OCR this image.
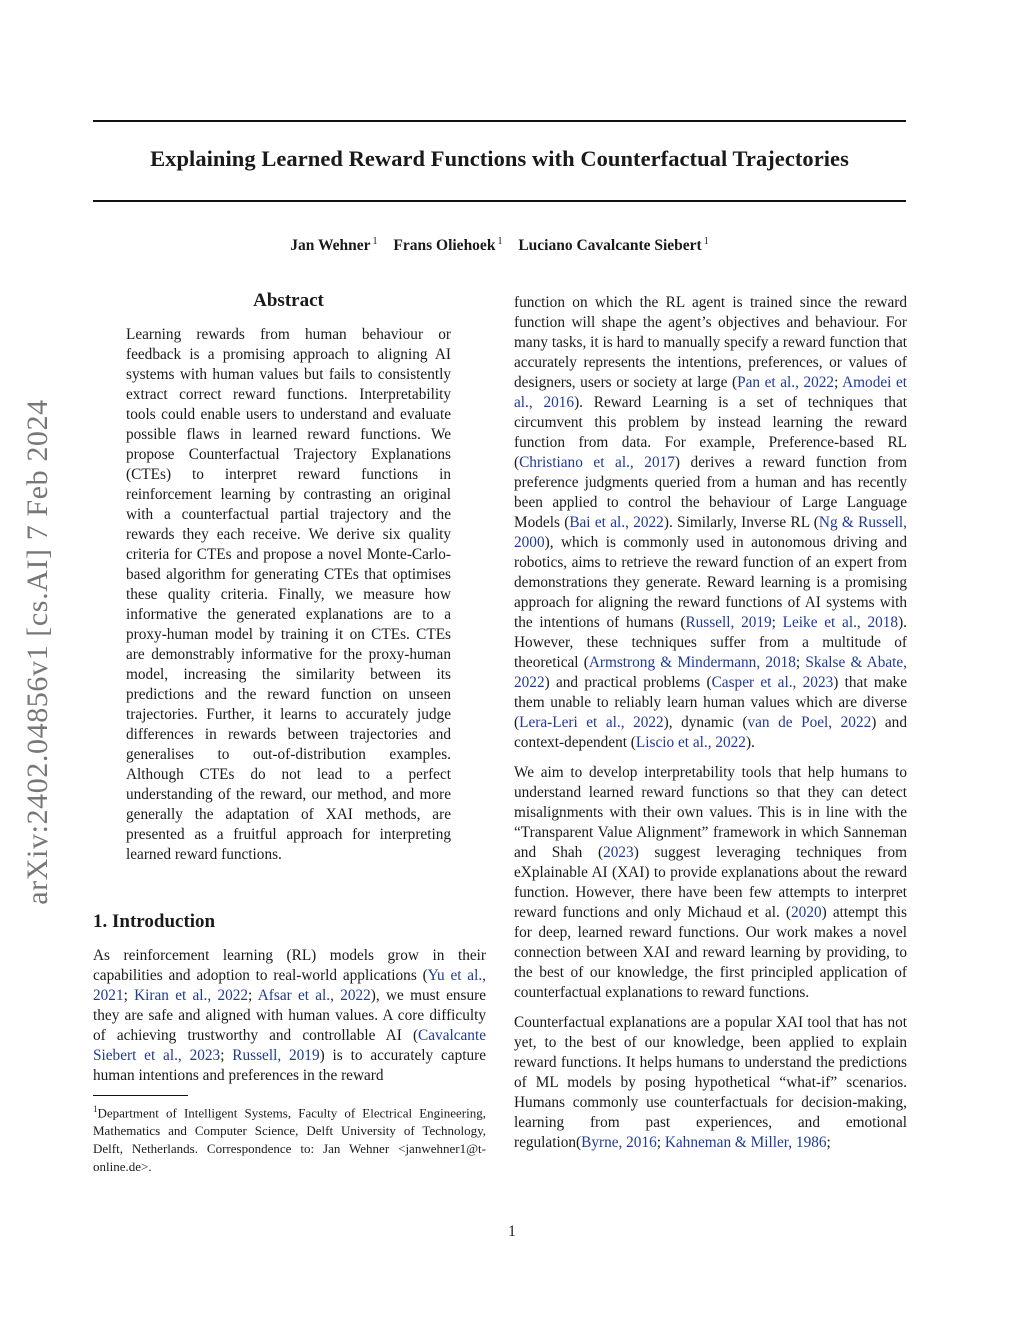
Explaining Learned Reward Functions with Counterfactual Trajectories
Jan Wehner $^1$ Frans Oliehoek $^1$ Luciano Cavalcante Siebert $^1$
arXiv:2402.04856v1 [cs.AI] 7 Feb 2024
Abstract
Learning rewards from human behaviour or feedback is a promising approach to aligning AI systems with human values but fails to consistently extract correct reward functions. Interpretability tools could enable users to understand and evaluate possible flaws in learned reward functions. We propose Counterfactual Trajectory Explanations (CTEs) to interpret reward functions in reinforcement learning by contrasting an original with a counterfactual partial trajectory and the rewards they each receive. We derive six quality criteria for CTEs and propose a novel Monte-Carlo-based algorithm for generating CTEs that optimises these quality criteria. Finally, we measure how informative the generated explanations are to a proxy-human model by training it on CTEs. CTEs are demonstrably informative for the proxy-human model, increasing the similarity between its predictions and the reward function on unseen trajectories. Further, it learns to accurately judge differences in rewards between trajectories and generalises to out-of-distribution examples. Although CTEs do not lead to a perfect understanding of the reward, our method, and more generally the adaptation of XAI methods, are presented as a fruitful approach for interpreting learned reward functions.
1. Introduction
As reinforcement learning (RL) models grow in their capabilities and adoption to real-world applications (Yu et al., 2021; Kiran et al., 2022; Afsar et al., 2022), we must ensure they are safe and aligned with human values. A core difficulty of achieving trustworthy and controllable AI (Cavalcante Siebert et al., 2023; Russell, 2019) is to accurately capture human intentions and preferences in the reward
$^1$Department of Intelligent Systems, Faculty of Electrical Engineering, Mathematics and Computer Science, Delft University of Technology, Delft, Netherlands. Correspondence to: Jan Wehner <janwehner1@t-online.de>.

function on which the RL agent is trained since the reward function will shape the agent’s objectives and behaviour. For many tasks, it is hard to manually specify a reward function that accurately represents the intentions, preferences, or values of designers, users or society at large (Pan et al., 2022; Amodei et al., 2016). Reward Learning is a set of techniques that circumvent this problem by instead learning the reward function from data. For example, Preference-based RL (Christiano et al., 2017) derives a reward function from preference judgments queried from a human and has recently been applied to control the behaviour of Large Language Models (Bai et al., 2022). Similarly, Inverse RL (Ng & Russell, 2000), which is commonly used in autonomous driving and robotics, aims to retrieve the reward function of an expert from demonstrations they generate. Reward learning is a promising approach for aligning the reward functions of AI systems with the intentions of humans (Russell, 2019; Leike et al., 2018). However, these techniques suffer from a multitude of theoretical (Armstrong & Mindermann, 2018; Skalse & Abate, 2022) and practical problems (Casper et al., 2023) that make them unable to reliably learn human values which are diverse (Lera-Leri et al., 2022), dynamic (van de Poel, 2022) and context-dependent (Liscio et al., 2022).

We aim to develop interpretability tools that help humans to understand learned reward functions so that they can detect misalignments with their own values. This is in line with the “Transparent Value Alignment” framework in which Sanneman and Shah (2023) suggest leveraging techniques from eXplainable AI (XAI) to provide explanations about the reward function. However, there have been few attempts to interpret reward functions and only Michaud et al. (2020) attempt this for deep, learned reward functions. Our work makes a novel connection between XAI and reward learning by providing, to the best of our knowledge, the first principled application of counterfactual explanations to reward functions.

Counterfactual explanations are a popular XAI tool that has not yet, to the best of our knowledge, been applied to explain reward functions. It helps humans to understand the predictions of ML models by posing hypothetical “what-if” scenarios. Humans commonly use counterfactuals for decision-making, learning from past experiences, and emotional regulation(Byrne, 2016; Kahneman & Miller, 1986;

1
